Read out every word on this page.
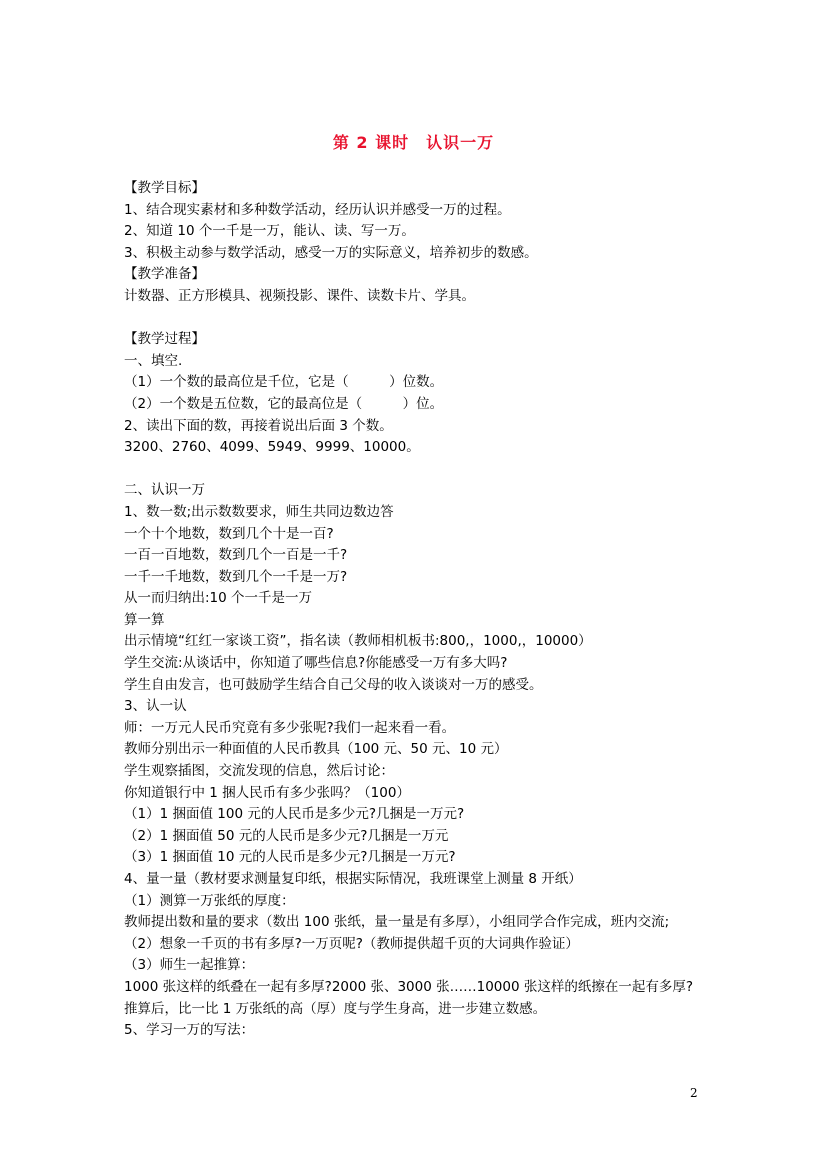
第 2 课时　认识一万
【教学目标】
1、结合现实素材和多种数学活动，经历认识并感受一万的过程。
2、知道 10 个一千是一万，能认、读、写一万。
3、积极主动参与数学活动，感受一万的实际意义，培养初步的数感。
【教学准备】
计数器、正方形模具、视频投影、课件、读数卡片、学具。
【教学过程】
一、填空.
（1）一个数的最高位是千位，它是（　　　）位数。
（2）一个数是五位数，它的最高位是（　　　）位。
2、读出下面的数，再接着说出后面 3 个数。
3200、2760、4099、5949、9999、10000。
二、认识一万
1、数一数;出示数数要求，师生共同边数边答
一个十个地数，数到几个十是一百?
一百一百地数，数到几个一百是一千?
一千一千地数，数到几个一千是一万?
从一而归纳出:10 个一千是一万
算一算
出示情境“红红一家谈工资”，指名读（教师相机板书:800,，1000,，10000）
学生交流:从谈话中，你知道了哪些信息?你能感受一万有多大吗?
学生自由发言，也可鼓励学生结合自己父母的收入谈谈对一万的感受。
3、认一认
师：一万元人民币究竟有多少张呢?我们一起来看一看。
教师分别出示一种面值的人民币教具（100 元、50 元、10 元）
学生观察插图，交流发现的信息，然后讨论：
你知道银行中 1 捆人民币有多少张吗？（100）
（1）1 捆面值 100 元的人民币是多少元?几捆是一万元?
（2）1 捆面值 50 元的人民币是多少元?几捆是一万元
（3）1 捆面值 10 元的人民币是多少元?几捆是一万元?
4、量一量（教材要求测量复印纸，根据实际情况，我班课堂上测量 8 开纸）
（1）测算一万张纸的厚度：
教师提出数和量的要求（数出 100 张纸，量一量是有多厚），小组同学合作完成，班内交流;
（2）想象一千页的书有多厚?一万页呢?（教师提供超千页的大词典作验证）
（3）师生一起推算：
1000 张这样的纸叠在一起有多厚?2000 张、3000 张……10000 张这样的纸擦在一起有多厚?
推算后，比一比 1 万张纸的高（厚）度与学生身高，进一步建立数感。
5、学习一万的写法：
2
